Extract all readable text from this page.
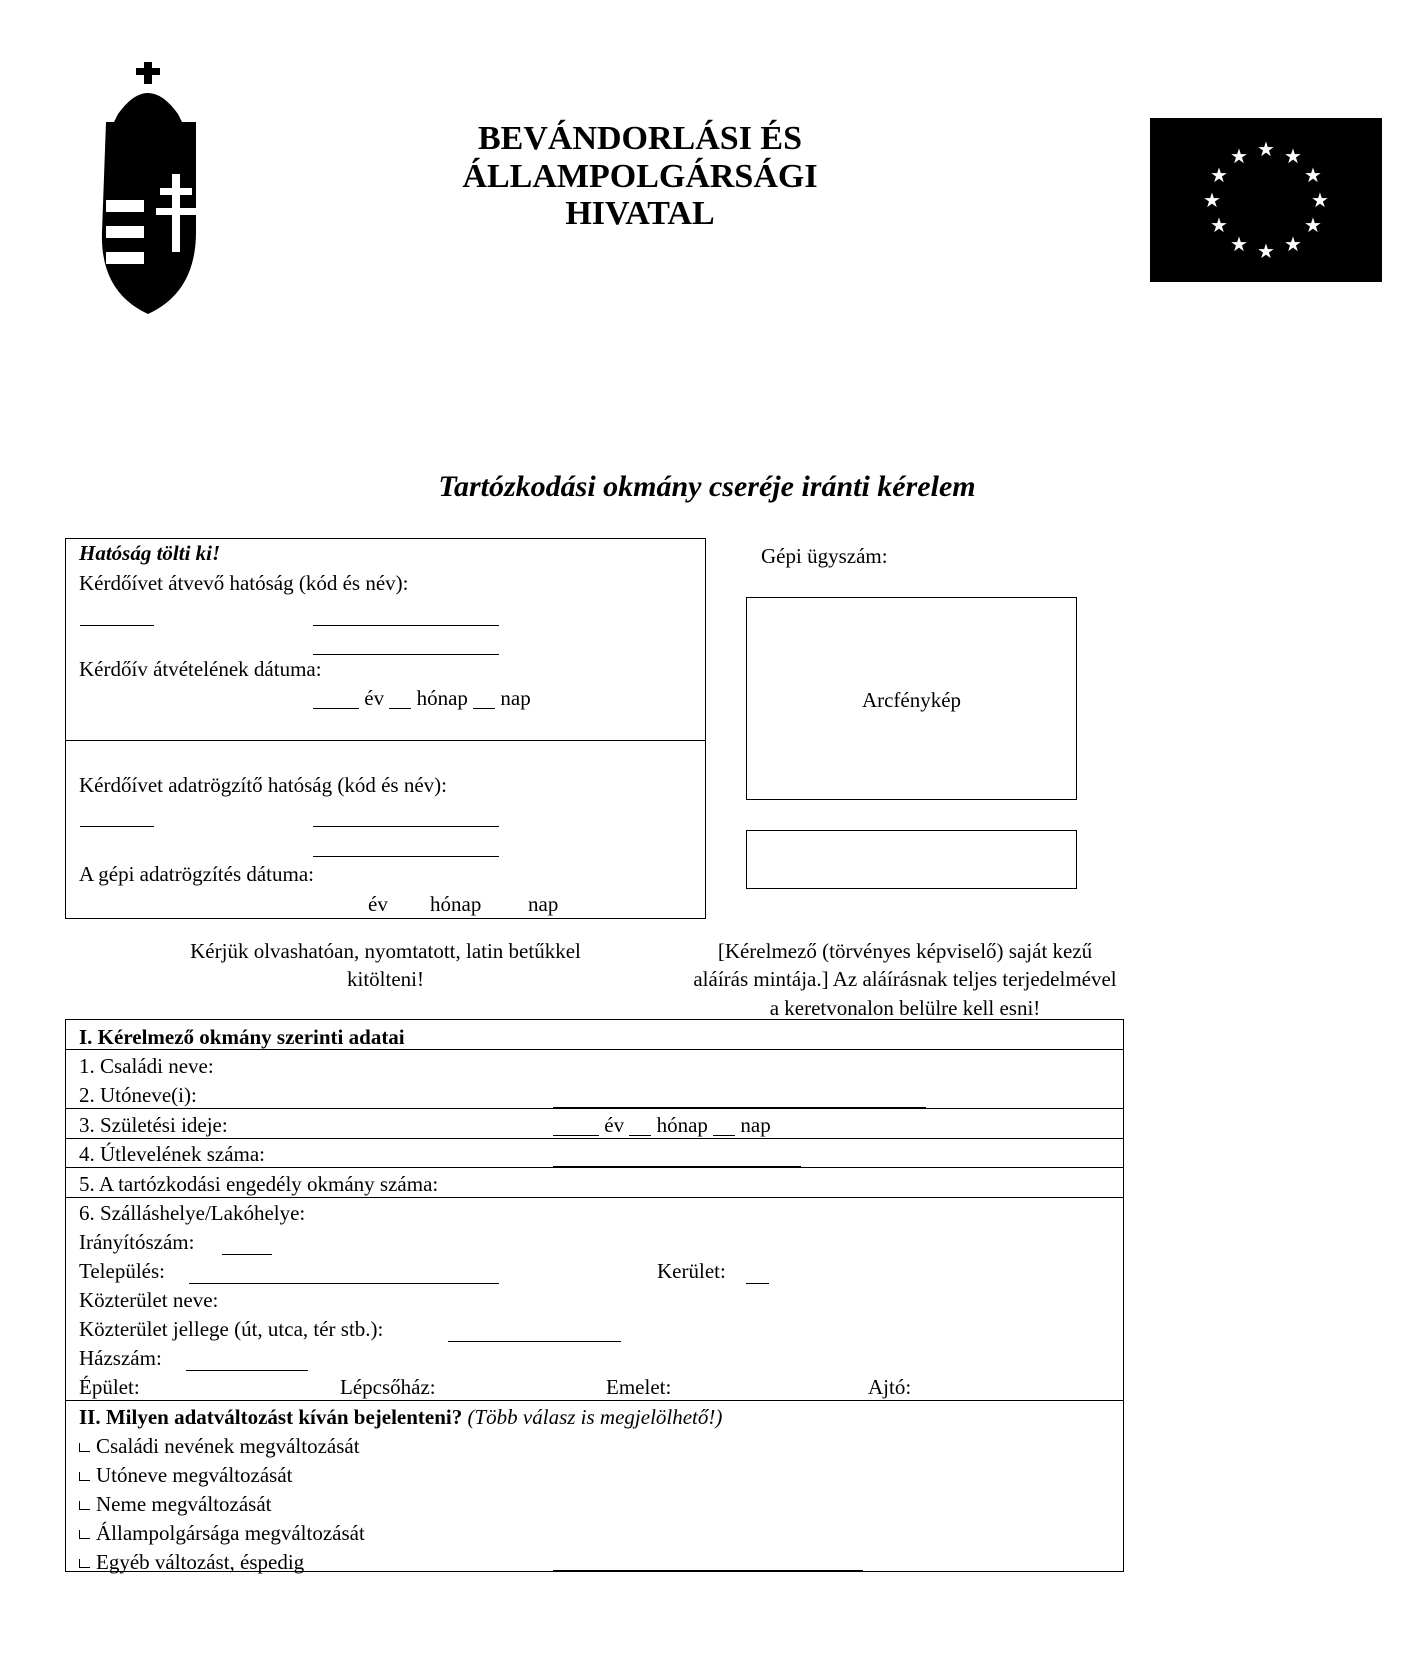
BEVÁNDORLÁSI ÉS
ÁLLAMPOLGÁRSÁGI
HIVATAL
★ ★
★
★
★
★
★
★
★
★
★
★
Tartózkodási okmány cseréje iránti kérelem
Hatóság tölti ki!
Kérdőívet átvevő hatóság (kód és név):
Kérdőív átvételének dátuma:
év hónap nap
Kérdőívet adatrögzítő hatóság (kód és név):
A gépi adatrögzítés dátuma:
év hónap nap
Gépi ügyszám:
Arcfénykép
Kérjük olvashatóan, nyomtatott, latin betűkkel
kitölteni!
[Kérelmező (törvényes képviselő) saját kezű
aláírás mintája.] Az aláírásnak teljes terjedelmével
a keretvonalon belülre kell esni!
I. Kérelmező okmány szerinti adatai
1. Családi neve:
2. Utóneve(i):
3. Születési ideje:	év hónap nap
4. Útlevelének száma:
5. A tartózkodási engedély okmány száma:
6. Szálláshelye/Lakóhelye:
Irányítószám:
Település:	Kerület:
Közterület neve:
Közterület jellege (út, utca, tér stb.):
Házszám:
Épület:	Lépcsőház:	Emelet:	Ajtó:
II. Milyen adatváltozást kíván bejelenteni? (Több válasz is megjelölhető!)
Családi nevének megváltozását
Utóneve megváltozását
Neme megváltozását
Állampolgársága megváltozását
Egyéb változást, éspedig
